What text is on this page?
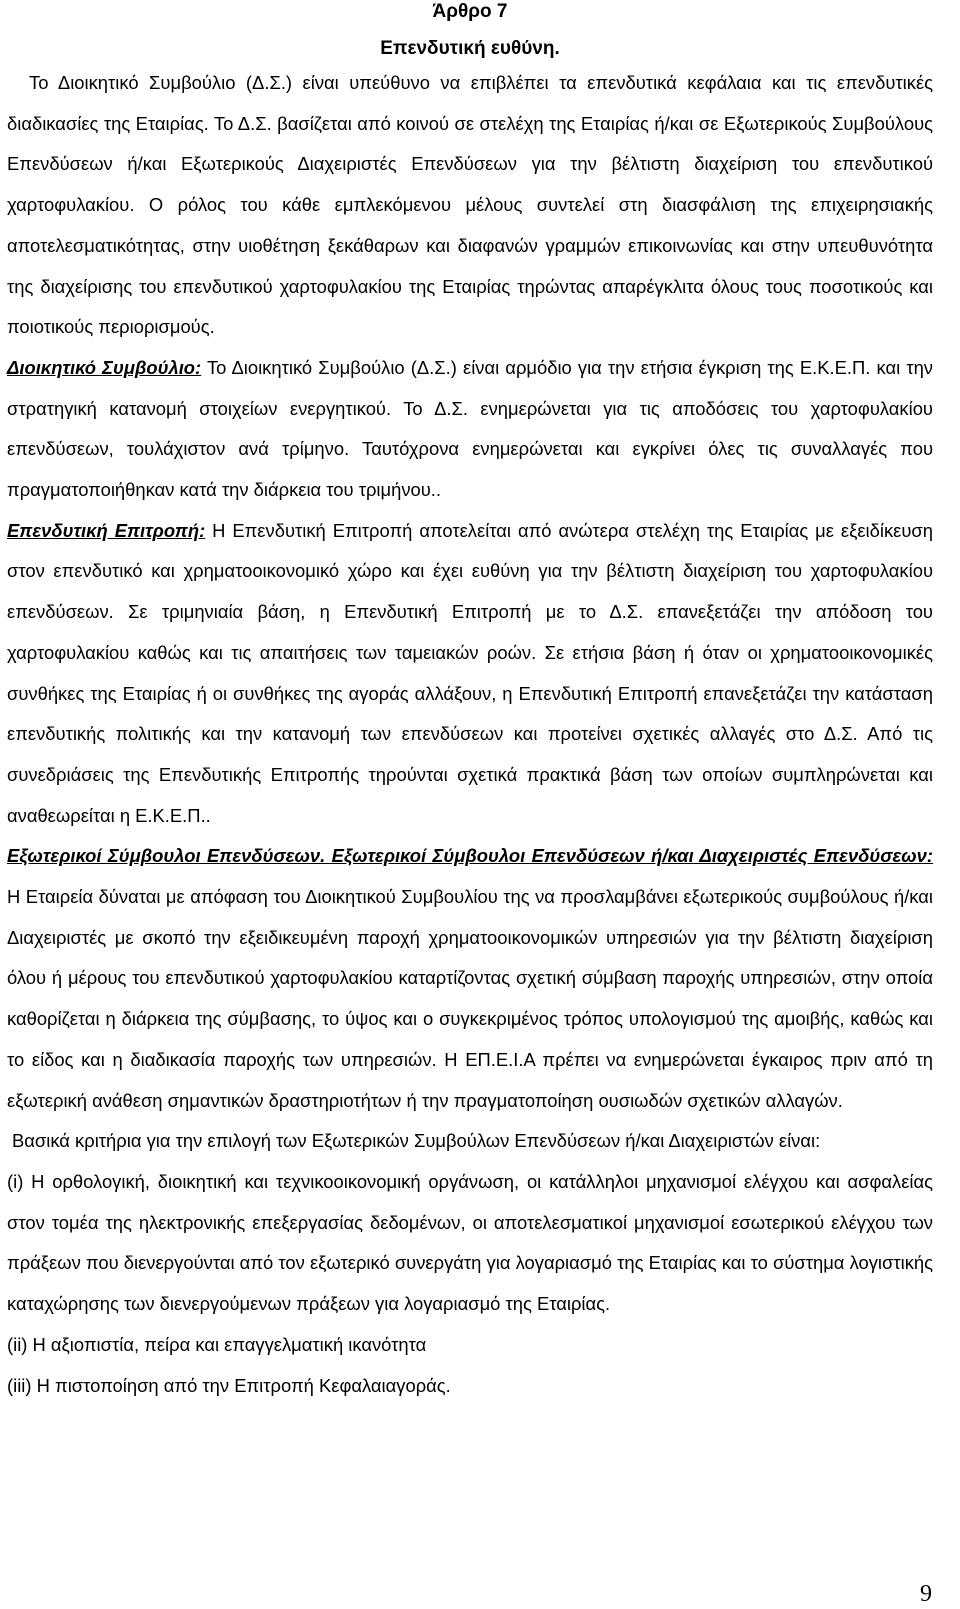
Άρθρο 7
Επενδυτική ευθύνη.

Το Διοικητικό Συμβούλιο (Δ.Σ.) είναι υπεύθυνο να επιβλέπει τα επενδυτικά κεφάλαια και τις επενδυτικές διαδικασίες της Εταιρίας. Το Δ.Σ. βασίζεται από κοινού σε στελέχη της Εταιρίας ή/και σε Εξωτερικούς Συμβούλους Επενδύσεων ή/και Εξωτερικούς Διαχειριστές Επενδύσεων για την βέλτιστη διαχείριση του επενδυτικού χαρτοφυλακίου. Ο ρόλος του κάθε εμπλεκόμενου μέλους συντελεί στη διασφάλιση της επιχειρησιακής αποτελεσματικότητας, στην υιοθέτηση ξεκάθαρων και διαφανών γραμμών επικοινωνίας και στην υπευθυνότητα της διαχείρισης του επενδυτικού χαρτοφυλακίου της Εταιρίας τηρώντας απαρέγκλιτα όλους τους ποσοτικούς και ποιοτικούς περιορισμούς.

Διοικητικό Συμβούλιο: Το Διοικητικό Συμβούλιο (Δ.Σ.) είναι αρμόδιο για την ετήσια έγκριση της Ε.Κ.Ε.Π. και την στρατηγική κατανομή στοιχείων ενεργητικού. Το Δ.Σ. ενημερώνεται για τις αποδόσεις του χαρτοφυλακίου επενδύσεων, τουλάχιστον ανά τρίμηνο. Ταυτόχρονα ενημερώνεται και εγκρίνει όλες τις συναλλαγές που πραγματοποιήθηκαν κατά την διάρκεια του τριμήνου..

Επενδυτική Επιτροπή: Η Επενδυτική Επιτροπή αποτελείται από ανώτερα στελέχη της Εταιρίας με εξειδίκευση στον επενδυτικό και χρηματοοικονομικό χώρο και έχει ευθύνη για την βέλτιστη διαχείριση του χαρτοφυλακίου επενδύσεων. Σε τριμηνιαία βάση, η Επενδυτική Επιτροπή με το Δ.Σ. επανεξετάζει την απόδοση του χαρτοφυλακίου καθώς και τις απαιτήσεις των ταμειακών ροών. Σε ετήσια βάση ή όταν οι χρηματοοικονομικές συνθήκες της Εταιρίας ή οι συνθήκες της αγοράς αλλάξουν, η Επενδυτική Επιτροπή επανεξετάζει την κατάσταση επενδυτικής πολιτικής και την κατανομή των επενδύσεων και προτείνει σχετικές αλλαγές στο Δ.Σ. Από τις συνεδριάσεις της Επενδυτικής Επιτροπής τηρούνται σχετικά πρακτικά βάση των οποίων συμπληρώνεται και αναθεωρείται η Ε.Κ.Ε.Π..

Εξωτερικοί Σύμβουλοι Επενδύσεων. Εξωτερικοί Σύμβουλοι Επενδύσεων ή/και Διαχειριστές Επενδύσεων: Η Εταιρεία δύναται με απόφαση του Διοικητικού Συμβουλίου της να προσλαμβάνει εξωτερικούς συμβούλους ή/και Διαχειριστές με σκοπό την εξειδικευμένη παροχή χρηματοοικονομικών υπηρεσιών για την βέλτιστη διαχείριση όλου ή μέρους του επενδυτικού χαρτοφυλακίου καταρτίζοντας σχετική σύμβαση παροχής υπηρεσιών, στην οποία καθορίζεται η διάρκεια της σύμβασης, το ύψος και ο συγκεκριμένος τρόπος υπολογισμού της αμοιβής, καθώς και το είδος και η διαδικασία παροχής των υπηρεσιών. Η ΕΠ.Ε.Ι.Α πρέπει να ενημερώνεται έγκαιρος πριν από τη εξωτερική ανάθεση σημαντικών δραστηριοτήτων ή την πραγματοποίηση ουσιωδών σχετικών αλλαγών.

Βασικά κριτήρια για την επιλογή των Εξωτερικών Συμβούλων Επενδύσεων ή/και Διαχειριστών είναι:

(i) Η ορθολογική, διοικητική και τεχνικοοικονομική οργάνωση, οι κατάλληλοι μηχανισμοί ελέγχου και ασφαλείας στον τομέα της ηλεκτρονικής επεξεργασίας δεδομένων, οι αποτελεσματικοί μηχανισμοί εσωτερικού ελέγχου των πράξεων που διενεργούνται από τον εξωτερικό συνεργάτη για λογαριασμό της Εταιρίας και το σύστημα λογιστικής καταχώρησης των διενεργούμενων πράξεων για λογαριασμό της Εταιρίας.

(ii) Η αξιοπιστία, πείρα και επαγγελματική ικανότητα

(iii) Η πιστοποίηση από την Επιτροπή Κεφαλαιαγοράς.

9
